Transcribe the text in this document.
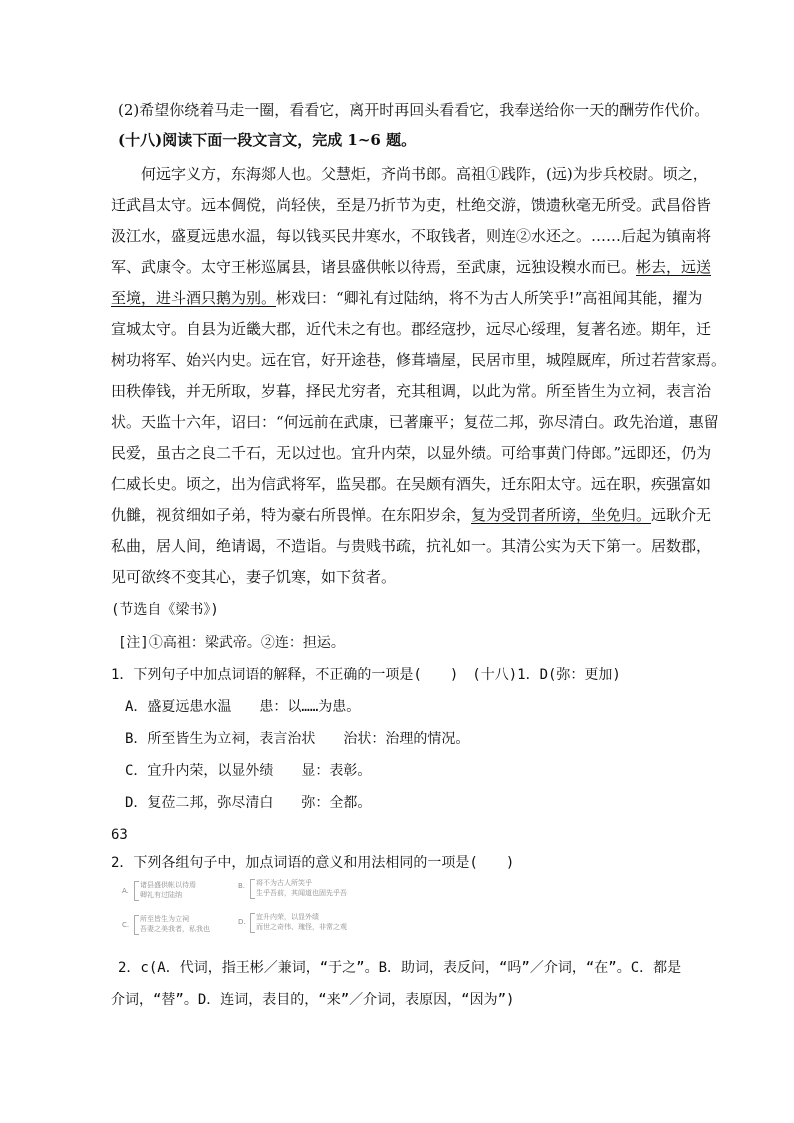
(2)希望你绕着马走一圈，看看它，离开时再回头看看它，我奉送给你一天的酬劳作代价。
(十八)阅读下面一段文言文，完成 1~6 题。
何远字义方，东海郯人也。父慧炬，齐尚书郎。高祖①践阼，(远)为步兵校尉。顷之，
迁武昌太守。远本倜傥，尚轻侠，至是乃折节为吏，杜绝交游，馈遗秋毫无所受。武昌俗皆
汲江水，盛夏远患水温，每以钱买民井寒水，不取钱者，则连②水还之。……后起为镇南将
军、武康令。太守王彬巡属县，诸县盛供帐以待焉，至武康，远独设糗水而已。彬去，远送
至境，进斗酒只鹅为别。彬戏曰：“卿礼有过陆纳，将不为古人所笑乎!”高祖闻其能，擢为
宣城太守。自县为近畿大郡，近代未之有也。郡经寇抄，远尽心绥理，复著名迹。期年，迁
树功将军、始兴内史。远在官，好开途巷，修葺墙屋，民居市里，城隍厩库，所过若营家焉。
田秩俸钱，并无所取，岁暮，择民尤穷者，充其租调，以此为常。所至皆生为立祠，表言治
状。天监十六年，诏曰：“何远前在武康，已著廉平；复莅二邦，弥尽清白。政先治道，惠留
民爱，虽古之良二千石，无以过也。宜升内荣，以显外绩。可给事黄门侍郎。”远即还，仍为
仁威长史。顷之，出为信武将军，监吴郡。在吴颇有酒失，迁东阳太守。远在职，疾强富如
仇雠，视贫细如子弟，特为豪右所畏惮。在东阳岁余，复为受罚者所谤，坐免归。远耿介无
私曲，居人间，绝请谒，不造诣。与贵贱书疏，抗礼如一。其清公实为天下第一。居数郡，
见可欲终不变其心，妻子饥寒，如下贫者。
(节选自《梁书》)
[注]①高祖：梁武帝。②连：担运。
1．下列句子中加点词语的解释，不正确的一项是(　　)　(十八)1．D(弥：更加)
A．盛夏远患水温　　患：以……为患。
B．所至皆生为立祠，表言治状　　治状：治理的情况。
C．宜升内荣，以显外绩　　显：表彰。
D．复莅二邦，弥尽清白　　弥：全都。
63
2．下列各组句子中，加点词语的意义和用法相同的一项是(　　)
A.
诸县盛供帐以待焉
卿礼有过陆纳
B. 将不为古人所笑乎
生乎吾前，其闻道也固先乎吾
C.
所至皆生为立祠
吾妻之美我者，私我也
D.
宜升内荣，以显外绩
而世之奇伟、瑰怪，非常之观
2．c(A．代词，指王彬／兼词，“于之”。B．助词，表反问，“吗”／介词，“在”。C．都是
介词，“替”。D．连词，表目的，“来”／介词，表原因，“因为”)
